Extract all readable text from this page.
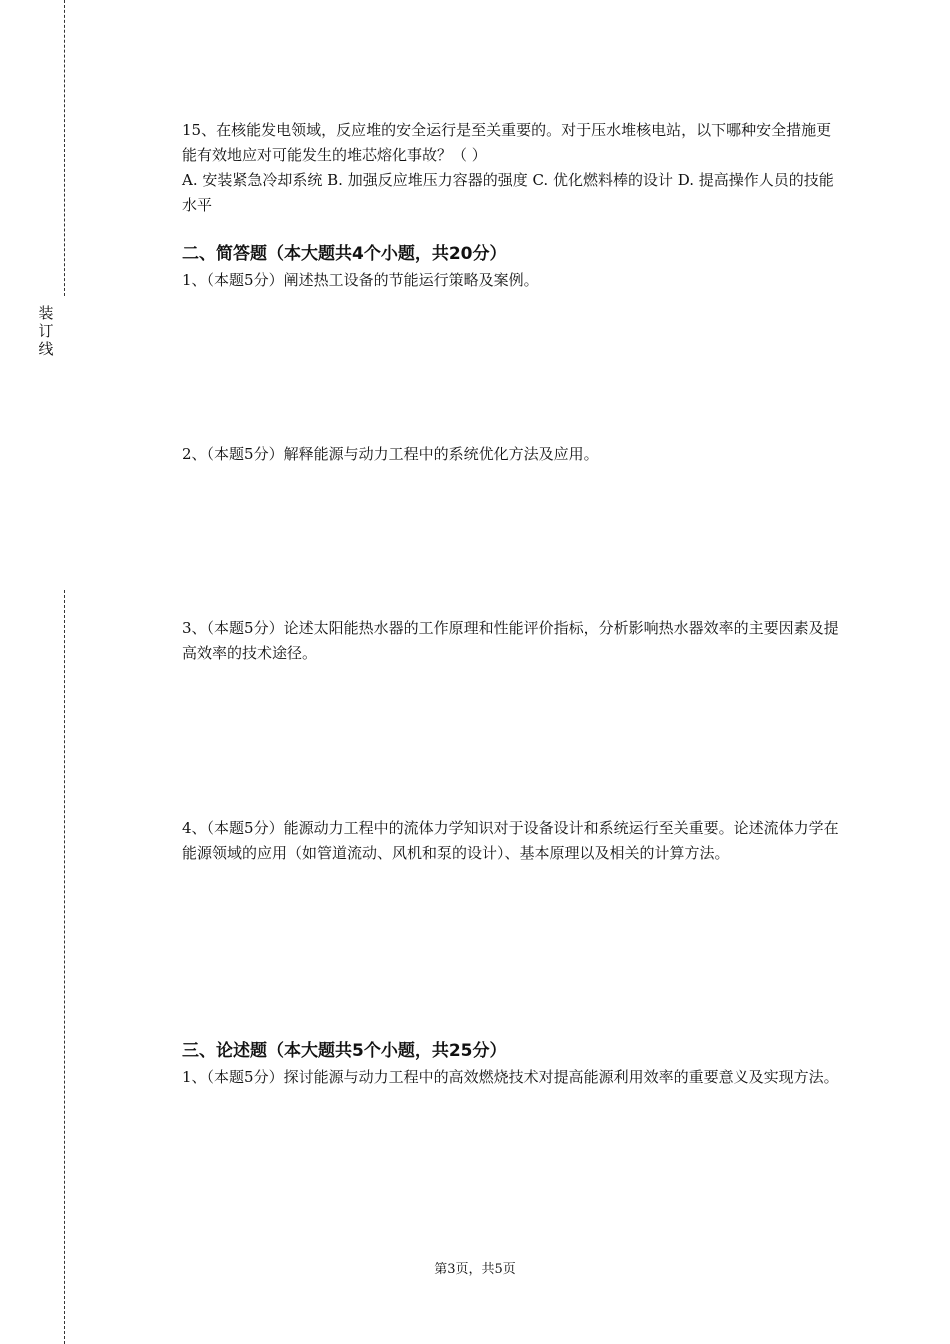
装
订
线

15、在核能发电领域，反应堆的安全运行是至关重要的。对于压水堆核电站，以下哪种安全措施更能有效地应对可能发生的堆芯熔化事故？（ ）

A. 安装紧急冷却系统 B. 加强反应堆压力容器的强度 C. 优化燃料棒的设计 D. 提高操作人员的技能水平

二、简答题（本大题共4个小题，共20分）

1、（本题5分）阐述热工设备的节能运行策略及案例。

2、（本题5分）解释能源与动力工程中的系统优化方法及应用。

3、（本题5分）论述太阳能热水器的工作原理和性能评价指标，分析影响热水器效率的主要因素及提高效率的技术途径。

4、（本题5分）能源动力工程中的流体力学知识对于设备设计和系统运行至关重要。论述流体力学在能源领域的应用（如管道流动、风机和泵的设计）、基本原理以及相关的计算方法。

三、论述题（本大题共5个小题，共25分）

1、（本题5分）探讨能源与动力工程中的高效燃烧技术对提高能源利用效率的重要意义及实现方法。

第3页，共5页
